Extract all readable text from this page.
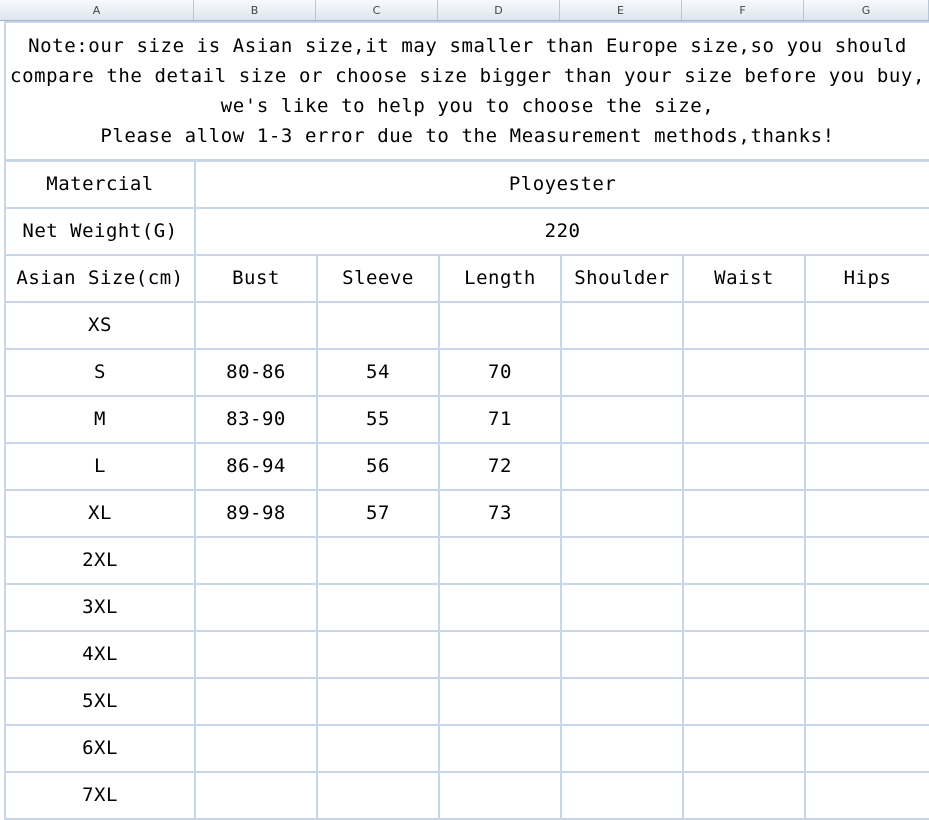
A	B	C	D	E	F	G
Note:our size is Asian size,it may smaller than Europe size,so you should
compare the detail size or choose size bigger than your size before you buy,
we's like to help you to choose the size,
Please allow 1-3 error due to the Measurement methods,thanks!						

Matercial	Ployester					
Net Weight(G)	220					
Asian Size(cm)	Bust	Sleeve	Length	Shoulder	Waist	Hips
XS						
S	80-86	54	70			
M	83-90	55	71			
L	86-94	56	72			
XL	89-98	57	73			
2XL						
3XL						
4XL						
5XL						
6XL						
7XL						
